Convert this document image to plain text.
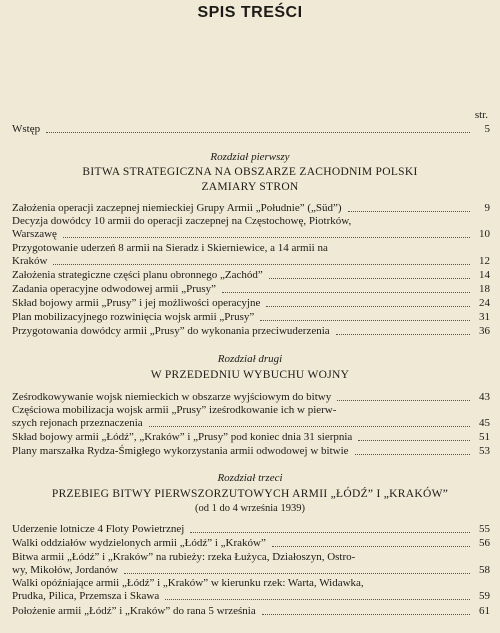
SPIS TREŚCI
str.
Wstęp	5
Rozdział pierwszy
BITWA STRATEGICZNA NA OBSZARZE ZACHODNIM POLSKI
ZAMIARY STRON
Założenia operacji zaczepnej niemieckiej Grupy Armii „Południe” („Süd”)	9
Decyzja dowódcy 10 armii do operacji zaczepnej na Częstochowę, Piotrków,
Warszawę	10
Przygotowanie uderzeń 8 armii na Sieradz i Skierniewice, a 14 armii na
Kraków	12
Założenia strategiczne części planu obronnego „Zachód”	14
Zadania operacyjne odwodowej armii „Prusy”	18
Skład bojowy armii „Prusy” i jej możliwości operacyjne	24
Plan mobilizacyjnego rozwinięcia wojsk armii „Prusy”	31
Przygotowania dowódcy armii „Prusy” do wykonania przeciwuderzenia	36
Rozdział drugi
W PRZEDEDNIU WYBUCHU WOJNY
Ześrodkowywanie wojsk niemieckich w obszarze wyjściowym do bitwy	43
Częściowa mobilizacja wojsk armii „Prusy” iześrodkowanie ich w pierw-
szych rejonach przeznaczenia	45
Skład bojowy armii „Łódź”, „Kraków” i „Prusy” pod koniec dnia 31 sierpnia	51
Plany marszałka Rydza-Śmigłego wykorzystania armii odwodowej w bitwie	53
Rozdział trzeci
PRZEBIEG BITWY PIERWSZORZUTOWYCH ARMII „ŁÓDŹ” I „KRAKÓW”
(od 1 do 4 września 1939)
Uderzenie lotnicze 4 Floty Powietrznej	55
Walki oddziałów wydzielonych armii „Łódź” i „Kraków”	56
Bitwa armii „Łódź” i „Kraków” na rubieży: rzeka Łużyca, Działoszyn, Ostro-
wy, Mikołów, Jordanów	58
Walki opóźniające armii „Łódź” i „Kraków” w kierunku rzek: Warta, Widawka,
Prudka, Pilica, Przemsza i Skawa	59
Położenie armii „Łódź” i „Kraków” do rana 5 września	61
